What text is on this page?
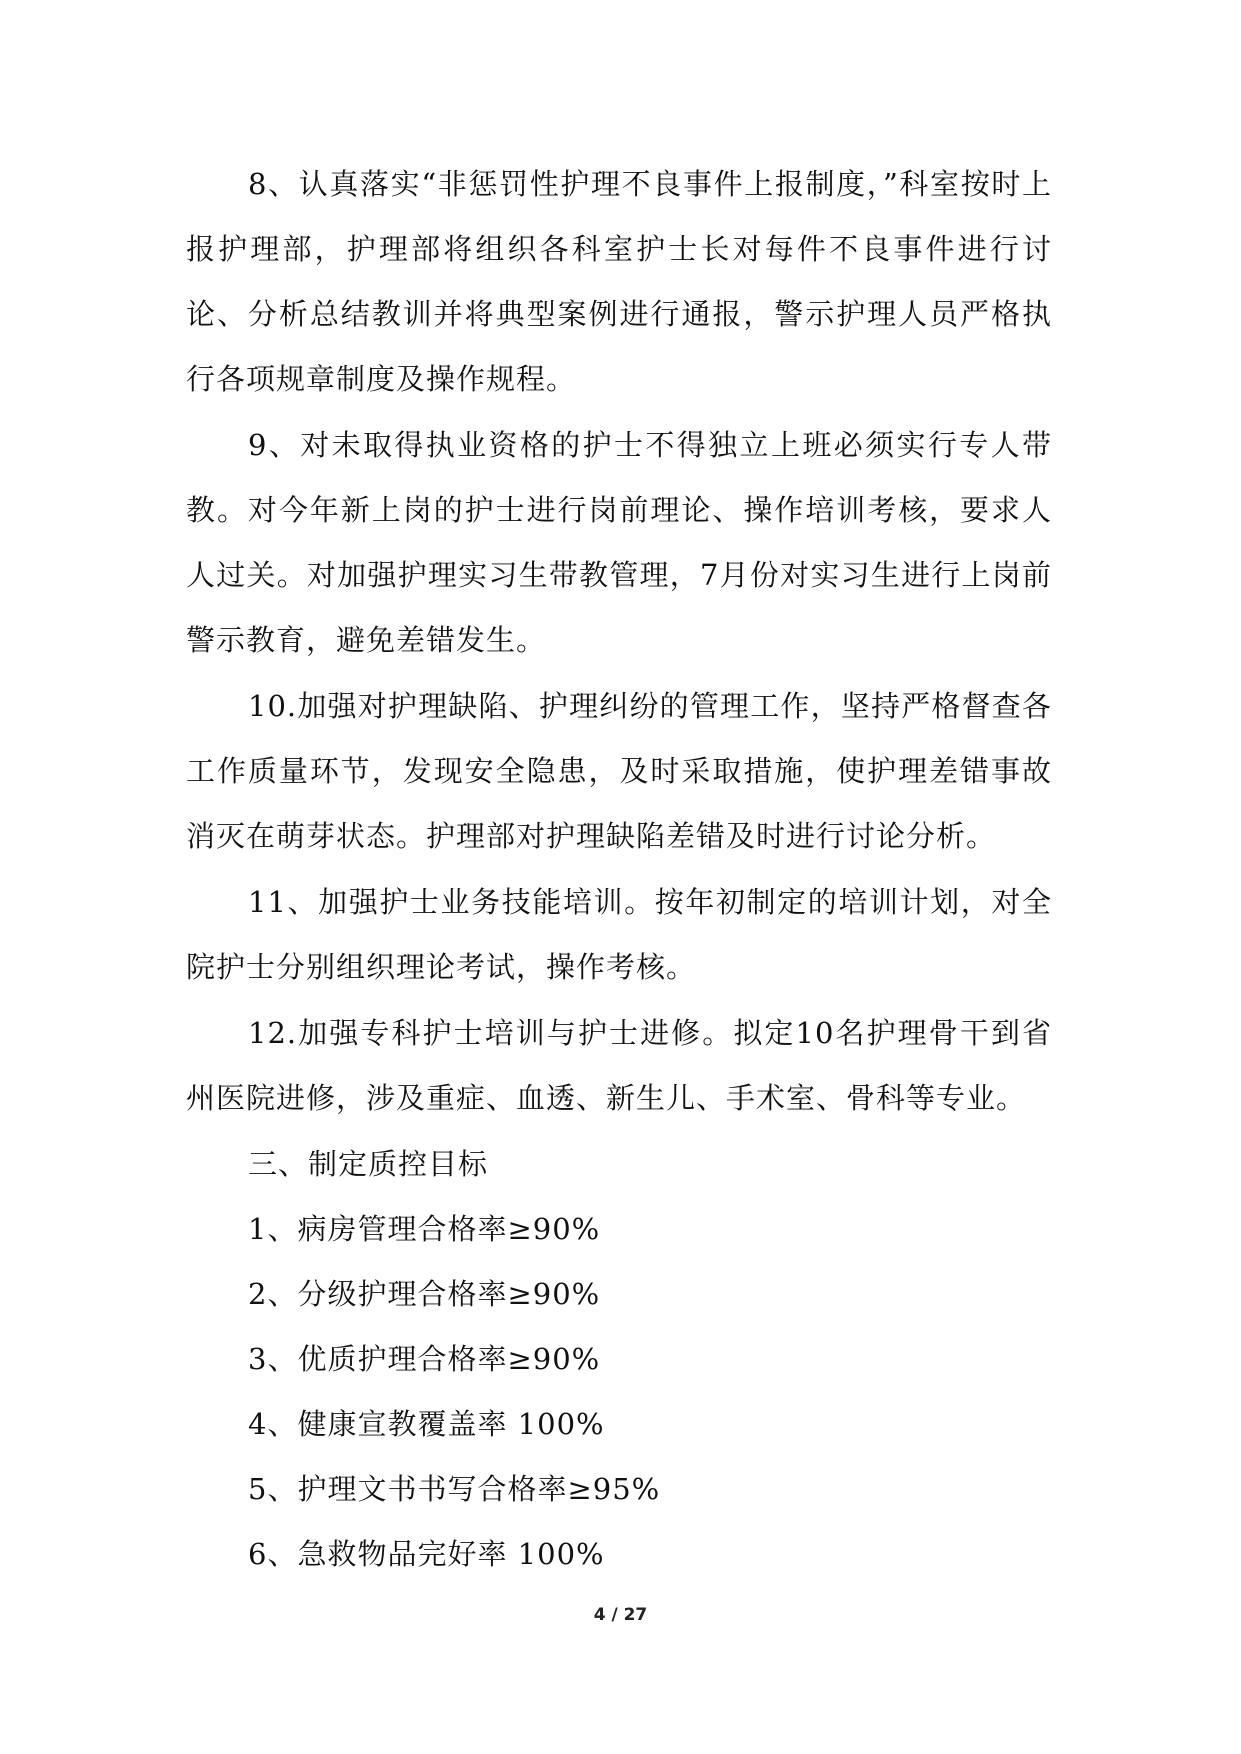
8、认真落实“非惩罚性护理不良事件上报制度，”科室按时上报护理部，护理部将组织各科室护士长对每件不良事件进行讨论、分析总结教训并将典型案例进行通报，警示护理人员严格执行各项规章制度及操作规程。

9、对未取得执业资格的护士不得独立上班必须实行专人带教。对今年新上岗的护士进行岗前理论、操作培训考核，要求人人过关。对加强护理实习生带教管理，7月份对实习生进行上岗前警示教育，避免差错发生。

10.加强对护理缺陷、护理纠纷的管理工作，坚持严格督查各工作质量环节，发现安全隐患，及时采取措施，使护理差错事故消灭在萌芽状态。护理部对护理缺陷差错及时进行讨论分析。

11、加强护士业务技能培训。按年初制定的培训计划，对全院护士分别组织理论考试，操作考核。

12.加强专科护士培训与护士进修。拟定10名护理骨干到省州医院进修，涉及重症、血透、新生儿、手术室、骨科等专业。

三、制定质控目标

1、病房管理合格率≥90%

2、分级护理合格率≥90%

3、优质护理合格率≥90%

4、健康宣教覆盖率 100%

5、护理文书书写合格率≥95%

6、急救物品完好率 100%

4 / 27
